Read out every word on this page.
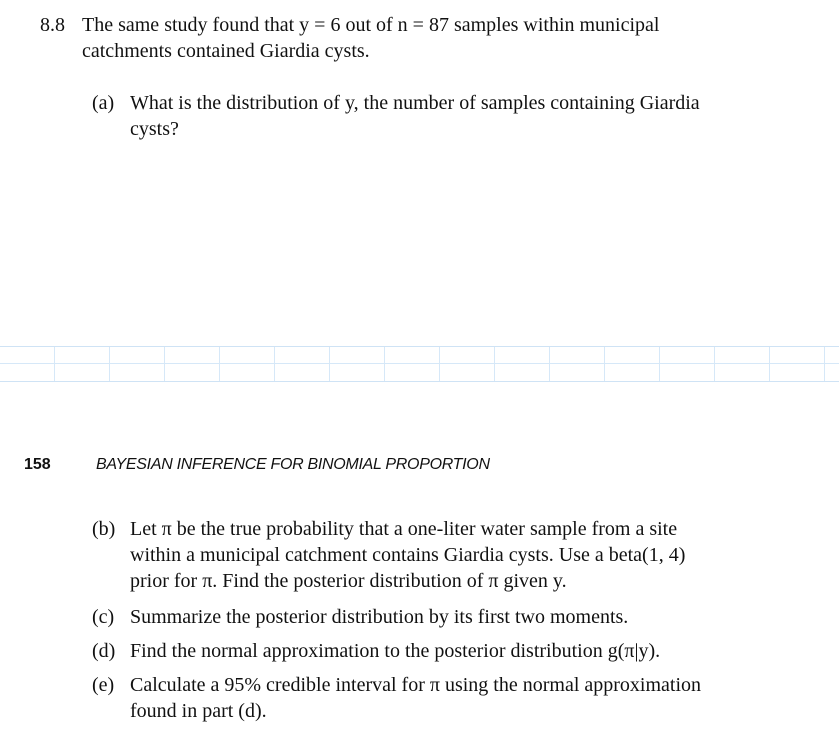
8.8 The same study found that y = 6 out of n = 87 samples within municipal
catchments contained Giardia cysts.
(a) What is the distribution of y, the number of samples containing Giardia
cysts?
158	BAYESIAN INFERENCE FOR BINOMIAL PROPORTION
(b) Let π be the true probability that a one-liter water sample from a site
within a municipal catchment contains Giardia cysts. Use a beta(1, 4)
prior for π. Find the posterior distribution of π given y.
(c) Summarize the posterior distribution by its first two moments.
(d) Find the normal approximation to the posterior distribution g(π|y).
(e) Calculate a 95% credible interval for π using the normal approximation
found in part (d).
